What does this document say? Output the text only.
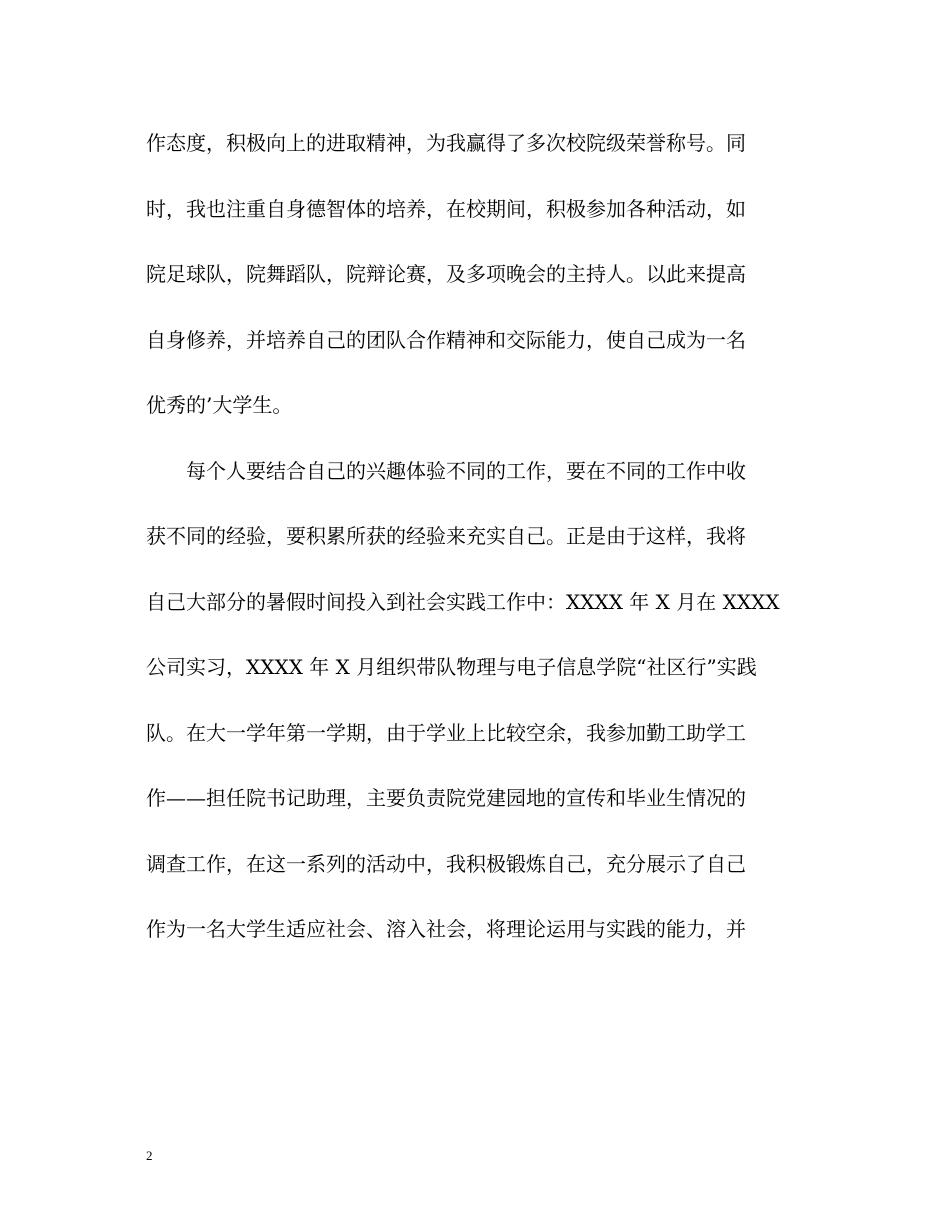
作态度，积极向上的进取精神，为我赢得了多次校院级荣誉称号。同
时，我也注重自身德智体的培养，在校期间，积极参加各种活动，如
院足球队，院舞蹈队，院辩论赛，及多项晚会的主持人。以此来提高
自身修养，并培养自己的团队合作精神和交际能力，使自己成为一名
优秀的’大学生。
　　每个人要结合自己的兴趣体验不同的工作，要在不同的工作中收
获不同的经验，要积累所获的经验来充实自己。正是由于这样，我将
自己大部分的暑假时间投入到社会实践工作中：XXXX 年 X 月在 XXXX
公司实习，XXXX 年 X 月组织带队物理与电子信息学院“社区行”实践
队。在大一学年第一学期，由于学业上比较空余，我参加勤工助学工
作——担任院书记助理，主要负责院党建园地的宣传和毕业生情况的
调查工作，在这一系列的活动中，我积极锻炼自己，充分展示了自己
作为一名大学生适应社会、溶入社会，将理论运用与实践的能力，并
2
